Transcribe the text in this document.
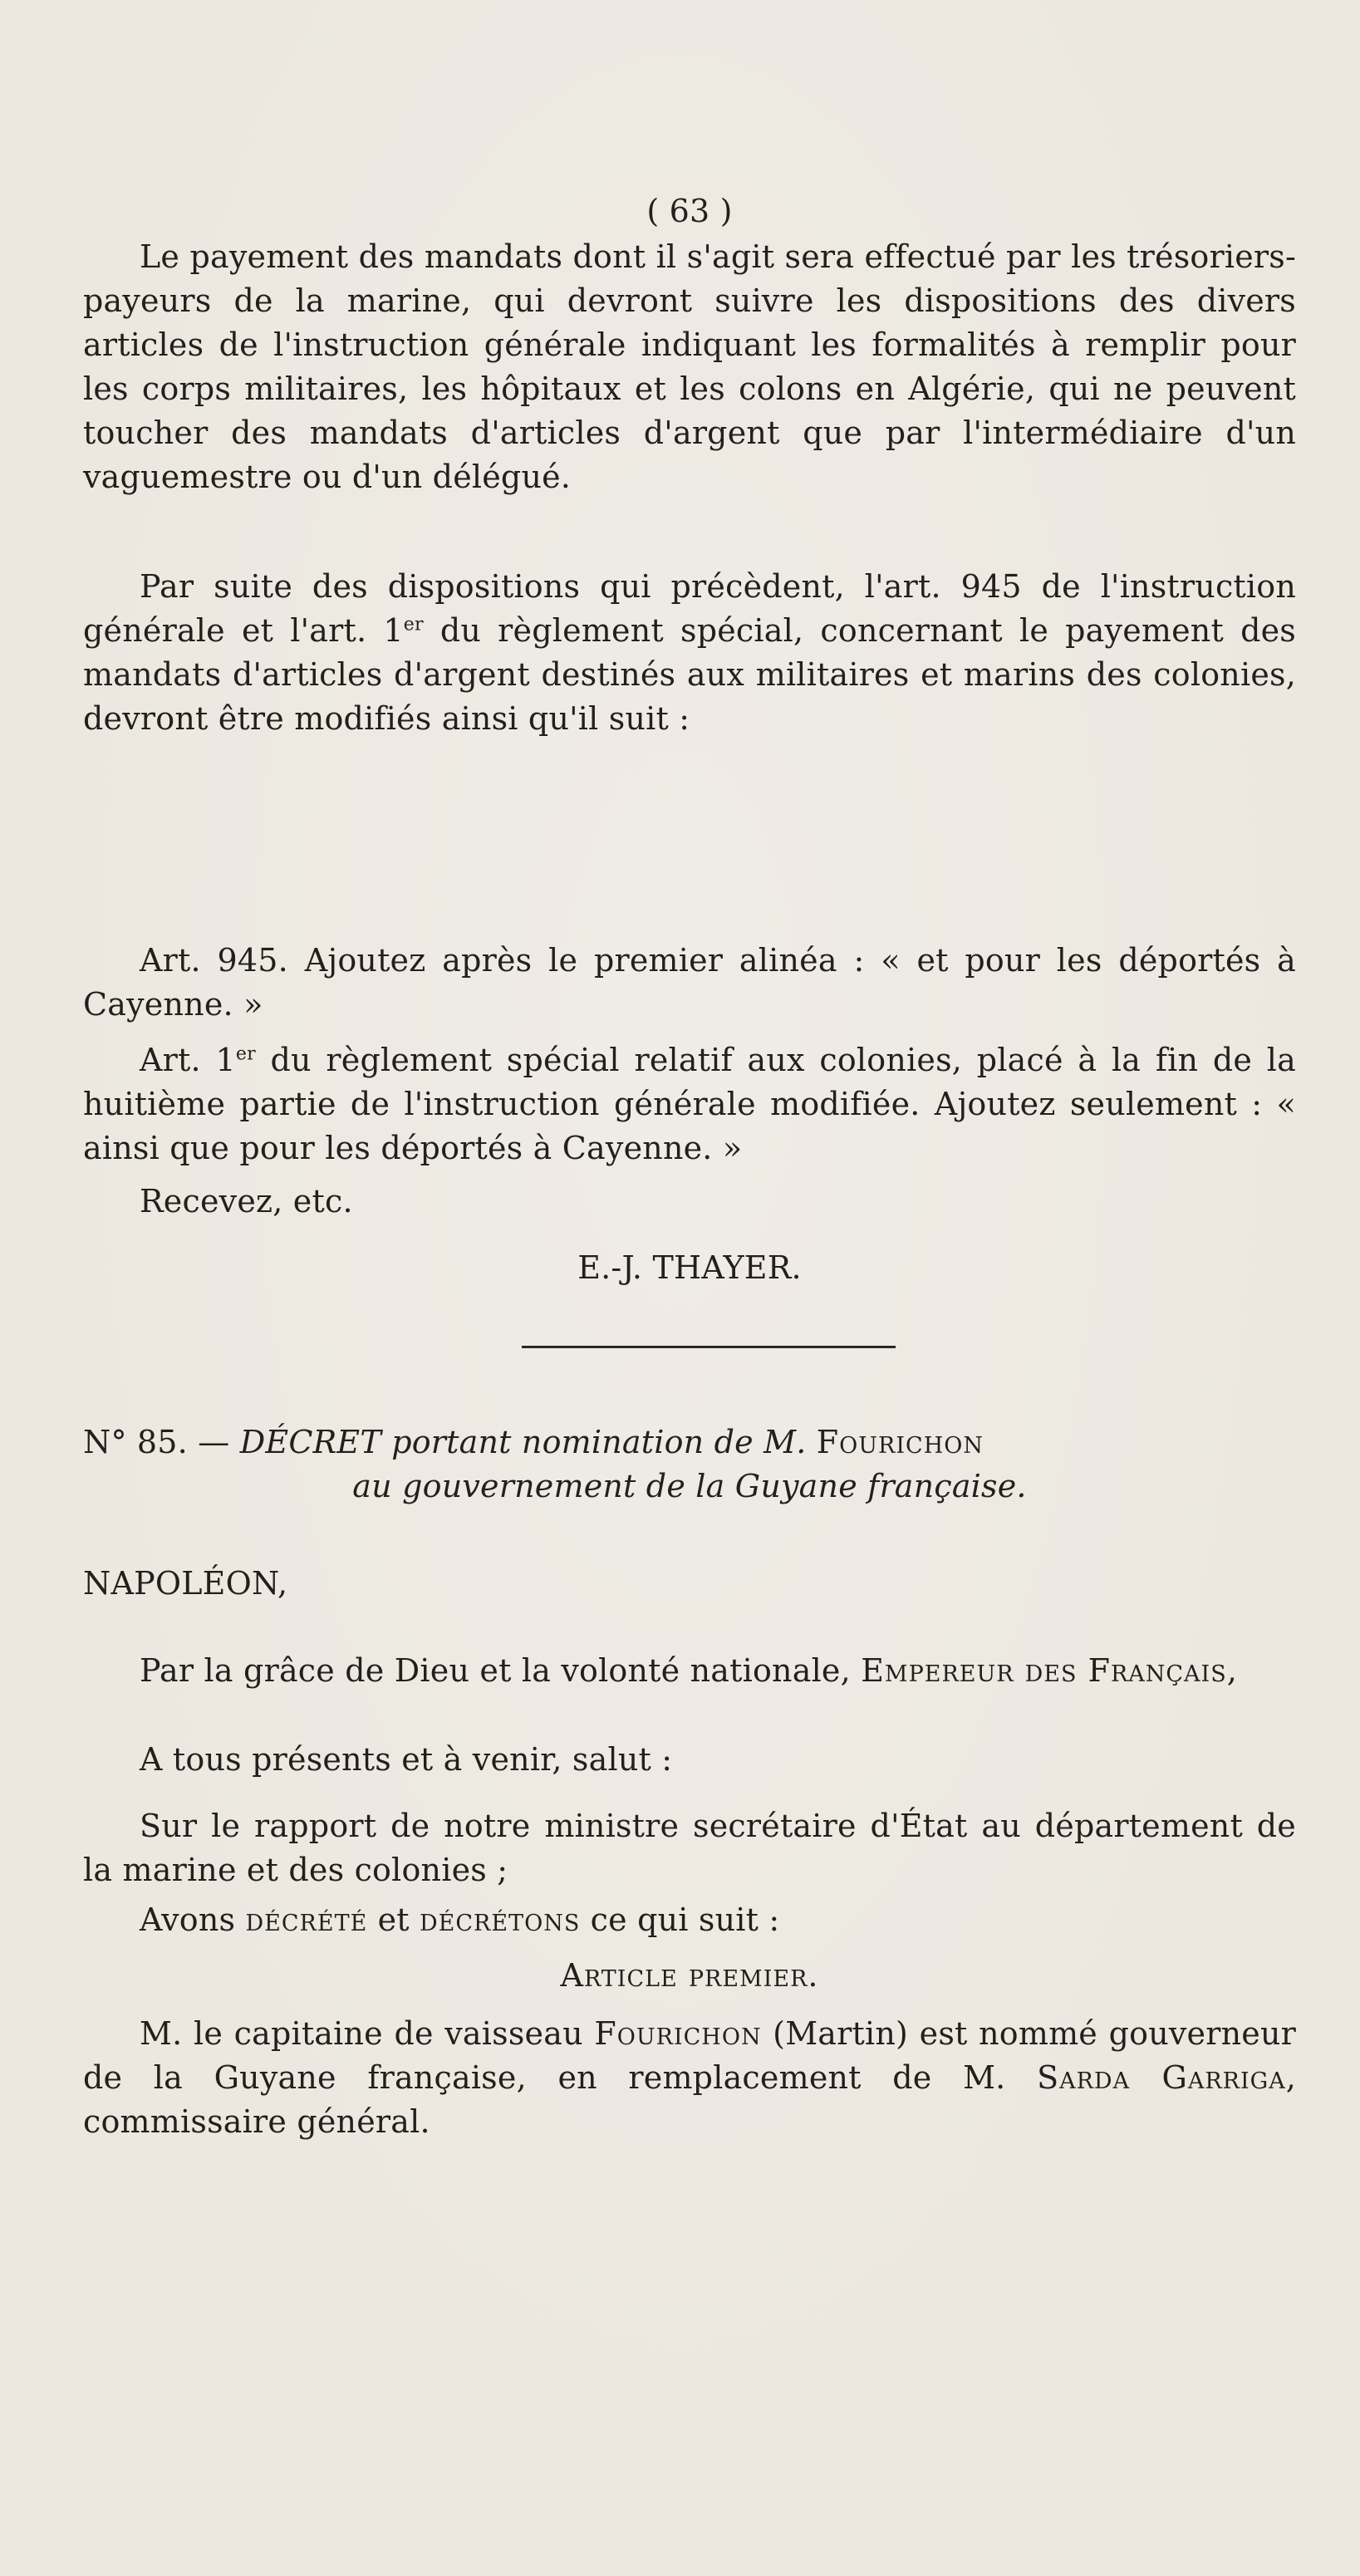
( 63 )
Le payement des mandats dont il s'agit sera effectué par les trésoriers-payeurs de la marine, qui devront suivre les dispositions des divers articles de l'instruction générale indiquant les formalités à remplir pour les corps militaires, les hôpitaux et les colons en Algérie, qui ne peuvent toucher des mandats d'articles d'argent que par l'intermédiaire d'un vaguemestre ou d'un délégué.
Par suite des dispositions qui précèdent, l'art. 945 de l'instruction générale et l'art. 1er du règlement spécial, concernant le payement des mandats d'articles d'argent destinés aux militaires et marins des colonies, devront être modifiés ainsi qu'il suit :
Art. 945. Ajoutez après le premier alinéa : « et pour les déportés à Cayenne. »
Art. 1er du règlement spécial relatif aux colonies, placé à la fin de la huitième partie de l'instruction générale modifiée. Ajoutez seulement : « ainsi que pour les déportés à Cayenne. »
Recevez, etc.
E.-J. THAYER.
N° 85. — DÉCRET portant nomination de M. Fourichon
au gouvernement de la Guyane française.
NAPOLÉON,
Par la grâce de Dieu et la volonté nationale, Empereur des Français,
A tous présents et à venir, salut :
Sur le rapport de notre ministre secrétaire d'État au département de la marine et des colonies ;
Avons décrété et décrétons ce qui suit :
Article premier.
M. le capitaine de vaisseau Fourichon (Martin) est nommé gouverneur de la Guyane française, en remplacement de M. Sarda Garriga, commissaire général.
